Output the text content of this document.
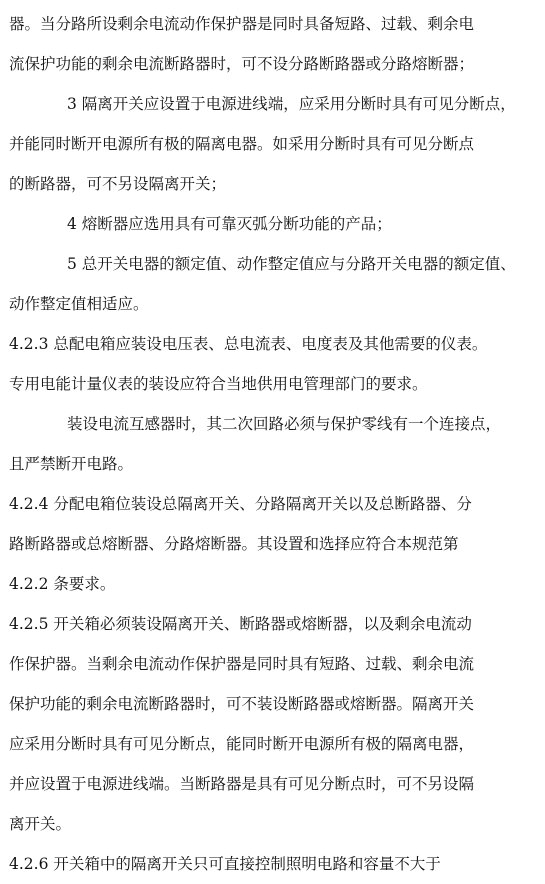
器。当分路所设剩余电流动作保护器是同时具备短路、过载、剩余电
流保护功能的剩余电流断路器时，可不设分路断路器或分路熔断器；
3 隔离开关应设置于电源进线端，应采用分断时具有可见分断点，
并能同时断开电源所有极的隔离电器。如采用分断时具有可见分断点
的断路器，可不另设隔离开关；
4 熔断器应选用具有可靠灭弧分断功能的产品；
5 总开关电器的额定值、动作整定值应与分路开关电器的额定值、
动作整定值相适应。
4.2.3 总配电箱应装设电压表、总电流表、电度表及其他需要的仪表。
专用电能计量仪表的装设应符合当地供用电管理部门的要求。
装设电流互感器时，其二次回路必须与保护零线有一个连接点，
且严禁断开电路。
4.2.4 分配电箱位装设总隔离开关、分路隔离开关以及总断路器、分
路断路器或总熔断器、分路熔断器。其设置和选择应符合本规范第
4.2.2 条要求。
4.2.5 开关箱必须装设隔离开关、断路器或熔断器，以及剩余电流动
作保护器。当剩余电流动作保护器是同时具有短路、过载、剩余电流
保护功能的剩余电流断路器时，可不装设断路器或熔断器。隔离开关
应采用分断时具有可见分断点，能同时断开电源所有极的隔离电器，
并应设置于电源进线端。当断路器是具有可见分断点时，可不另设隔
离开关。
4.2.6 开关箱中的隔离开关只可直接控制照明电路和容量不大于
